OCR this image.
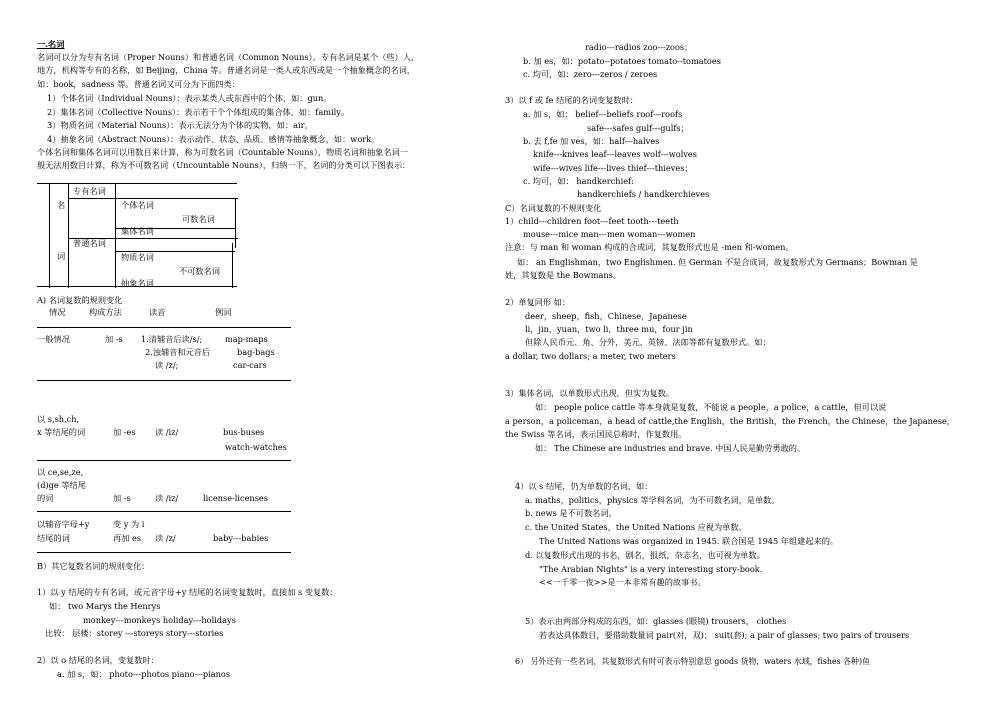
一.名词
名词可以分为专有名词（Proper Nouns）和普通名词（Common Nouns）。专有名词是某个（些）人，
地方，机构等专有的名称，如 Beijing，China 等。普通名词是一类人或东西或是一个抽象概念的名词，
如：book，sadness 等。普通名词又可分为下面四类：
1）个体名词（Individual Nouns）：表示某类人或东西中的个体，如：gun。
2）集体名词（Collective Nouns）：表示若干个个体组成的集合体，如：family。
3）物质名词（Material Nouns）：表示无法分为个体的实物，如：air。
4）抽象名词（Abstract Nouns）：表示动作、状态、品质、感情等抽象概念，如：work。
个体名词和集体名词可以用数目来计算，称为可数名词（Countable Nouns），物质名词和抽象名词一
般无法用数目计算，称为不可数名词（Uncountable Nouns），归纳一下，名词的分类可以下图表示：
名
词
专有名词
普通名词
个体名词
集体名词
物质名词
抽象名词
可数名词
不可数名词
A) 名词复数的规则变化
情况	构成方法	读音	例词
一般情况	加 -s 1.清辅音后读/s/;	map-maps
2.浊辅音和元音后	bag-bags
读 /z/;	car-cars
以 s,sh,ch,
x 等结尾的词	加 -es 读 /iz/	bus-buses
watch-watches
以 ce,se,ze,
(d)ge 等结尾
的词	加 -s	读 /iz/	license-licenses
以辅音字母+y	变 y 为 i
结尾的词	再加 es 读 /z/	baby---babies
B）其它复数名词的规则变化：
1）以 y 结尾的专有名词，或元音字母+y 结尾的名词变复数时，直接加 s 变复数：
如： two Marys the Henrys
monkey---monkeys holiday---holidays
比较： 层楼：storey ---storeys story---stories
2）以 o 结尾的名词，变复数时：
a. 加 s，如： photo---photos piano---pianos
radio---radios zoo---zoos；
b. 加 es，如：potato--potatoes tomato--tomatoes
c. 均可，如：zero---zeros / zeroes
3）以 f 或 fe 结尾的名词变复数时：
a. 加 s，如： belief---beliefs roof---roofs
safe---safes gulf---gulfs；
b. 去 f,fe 加 ves，如：half---halves
knife---knives leaf---leaves wolf---wolves
wife---wives life---lives thief---thieves；
c. 均可，如： handkerchief:
handkerchiefs / handkerchieves
C）名词复数的不规则变化
1）child---children foot---feet tooth---teeth
mouse---mice man---men woman---women
注意：与 man 和 woman 构成的合成词，其复数形式也是 -men 和-women。
如： an Englishman，two Englishmen. 但 German 不是合成词，故复数形式为 Germans；Bowman 是
姓，其复数是 the Bowmans。
2）单复同形 如：
deer，sheep，fish，Chinese，Japanese
li，jin，yuan，two li，three mu，four jin
但除人民币元、角、分外，美元、英镑、法郎等都有复数形式。如：
a dollar, two dollars; a meter, two meters
3）集体名词，以单数形式出现，但实为复数。
如： people police cattle 等本身就是复数，不能说 a people，a police，a cattle，但可以说
a person，a policeman，a head of cattle,the English，the British，the French，the Chinese，the Japanese，
the Swiss 等名词，表示国民总称时，作复数用。
如： The Chinese are industries and brave. 中国人民是勤劳勇敢的。
4）以 s 结尾，仍为单数的名词，如：
a. maths，politics，physics 等学科名词，为不可数名词，是单数。
b. news 是不可数名词。
c. the United States，the United Nations 应视为单数。
The United Nations was organized in 1945. 联合国是 1945 年组建起来的。
d. 以复数形式出现的书名，剧名，报纸，杂志名，也可视为单数。
"The Arabian Nights" is a very interesting story-book.
<<一千零一夜>>是一本非常有趣的故事书。
5）表示由两部分构成的东西，如：glasses (眼镜) trousers， clothes
若表达具体数目，要借助数量词 pair(对，双)； suit(套); a pair of glasses; two pairs of trousers
6） 另外还有一些名词，其复数形式有时可表示特别意思 goods 货物，waters 水域，fishes 各种)鱼
